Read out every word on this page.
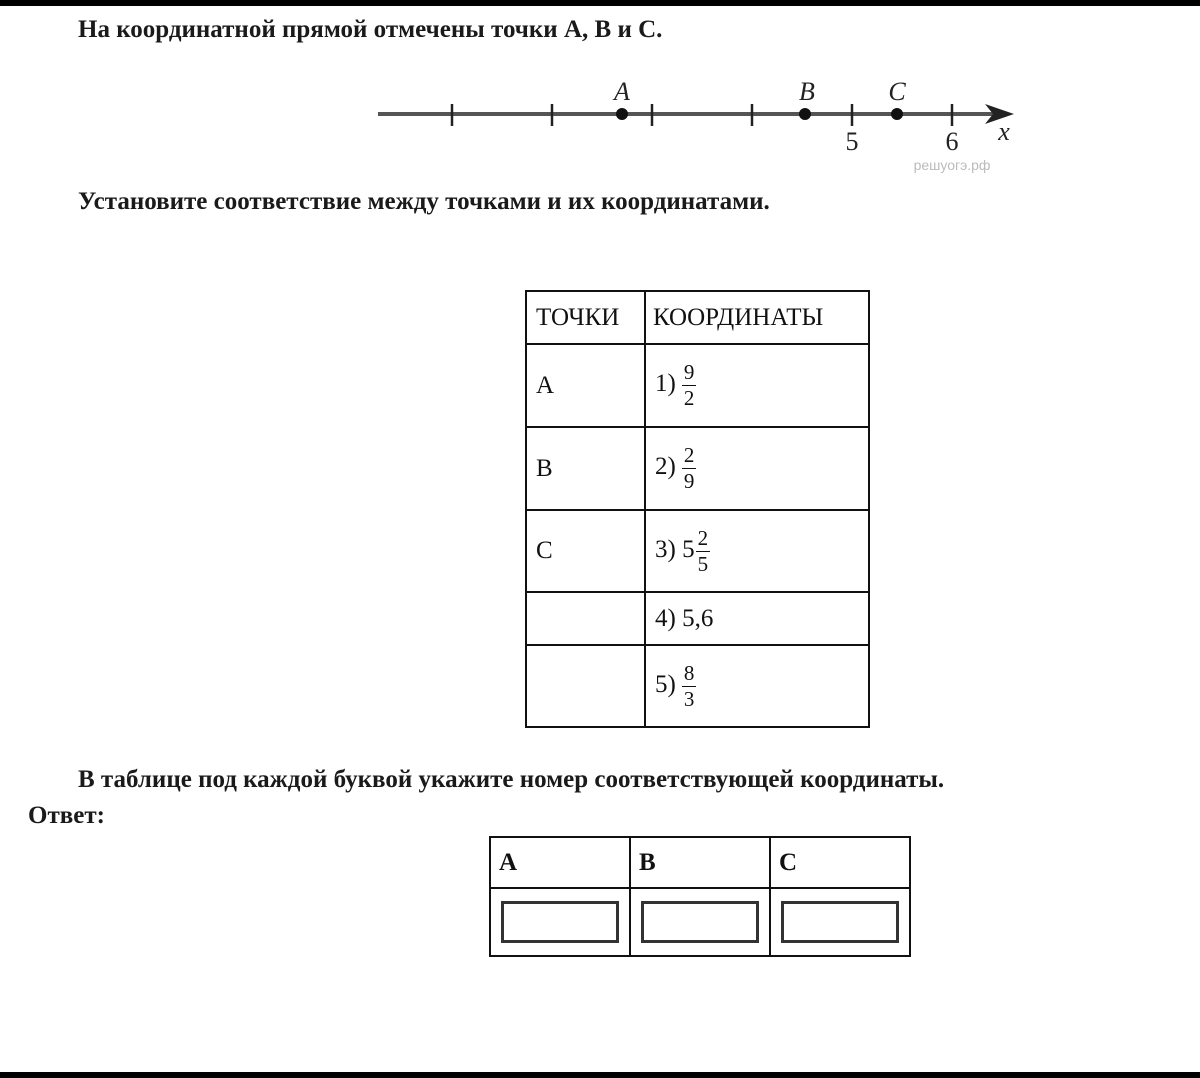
На координатной прямой отмечены точки A, B и C.
A	B	C
x
решуогэ.рф
5	6
Установите соответствие между точками и их координатами.
ТОЧКИ	КООРДИНАТЫ
A	$1) \frac{9}{2}$

B	$2) \frac{2}{9}$

C	3) $5 \frac{2}{5}$

	4) 5,6
	$5) \frac{8}{3}$
В таблице под каждой буквой укажите номер соответствующей координаты.
Ответ:
A	B	C
